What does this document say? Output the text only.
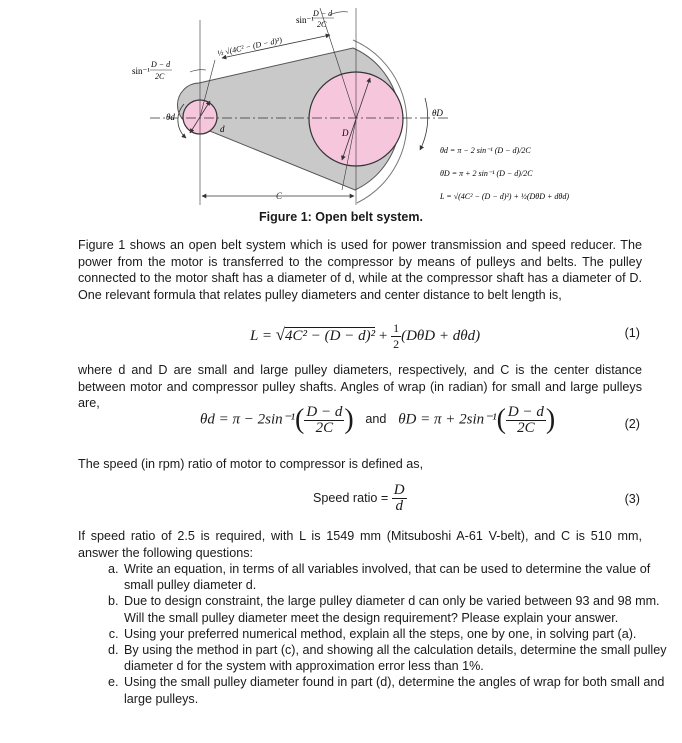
sin⁻¹
D − d
2C
½ √(4C² − (D − d)²)
sin⁻¹
D − d
2C
θd
d	D
θD
C
θd = π − 2 sin⁻¹ (D − d)/2C
θD = π + 2 sin⁻¹ (D − d)/2C
L = √(4C² − (D − d)²) + ½(DθD + dθd)
Figure 1: Open belt system.

Figure 1 shows an open belt system which is used for power transmission and speed reducer. The power from the motor is transferred to the compressor by means of pulleys and belts. The pulley connected to the motor shaft has a diameter of d, while at the compressor shaft has a diameter of D. One relevant formula that relates pulley diameters and center distance to belt length is,

$L = √4C^2 - (D - d)^2 + \frac{1}{2} (D\theta D + d\theta d)$	(1)

where d and D are small and large pulley diameters, respectively, and C is the center distance between motor and compressor pulley shafts. Angles of wrap (in radian) for small and large pulleys are,

$\theta d = \pi - 2\sin^{-1}( \frac{D - d}{2C}$ ) and $\theta D = \pi + 2\sin^{-1}( \frac{D - d}{2C}$ )	(2)

The speed (in rpm) ratio of motor to compressor is defined as,

Speed ratio = $\frac{D}{d}$	(3)

If speed ratio of 2.5 is required, with L is 1549 mm (Mitsuboshi A-61 V-belt), and C is 510 mm, answer the following questions:

a. Write an equation, in terms of all variables involved, that can be used to determine the value of small pulley diameter d.
b. Due to design constraint, the large pulley diameter d can only be varied between 93 and 98 mm. Will the small pulley diameter meet the design requirement? Please explain your answer.
c. Using your preferred numerical method, explain all the steps, one by one, in solving part (a).
d. By using the method in part (c), and showing all the calculation details, determine the small pulley diameter d for the system with approximation error less than 1%.
e. Using the small pulley diameter found in part (d), determine the angles of wrap for both small and large pulleys.
